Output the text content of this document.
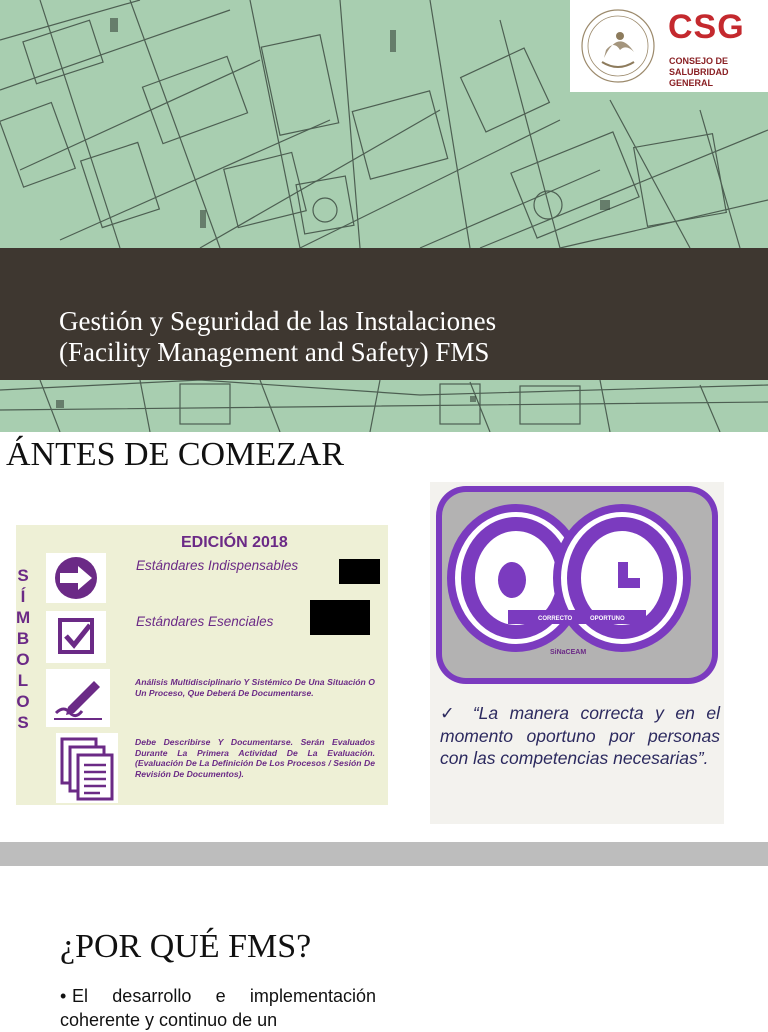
CSG
CONSEJO DE
SALUBRIDAD GENERAL
Gestión y Seguridad de las Instalaciones
(Facility Management and Safety) FMS
ÁNTES DE COMEZAR
S
Í
M
B
O
L
O
S
EDICIÓN 2018
Estándares Indispensables
Estándares Esenciales
Análisis Multidisciplinario Y Sistémico De Una Situación O Un Proceso, Que Deberá De Documentarse.
Debe Describirse Y Documentarse. Serán Evaluados Durante La Primera Actividad De La Evaluación.(Evaluación De La Definición De Los Procesos / Sesión De Revisión De Documentos).
CORRECTO	OPORTUNO
SiNaCEAM
✓ “La manera correcta y en el momento oportuno por personas con las competencias necesarias”.
¿POR QUÉ FMS?
• El desarrollo e implementación coherente y continuo de un
